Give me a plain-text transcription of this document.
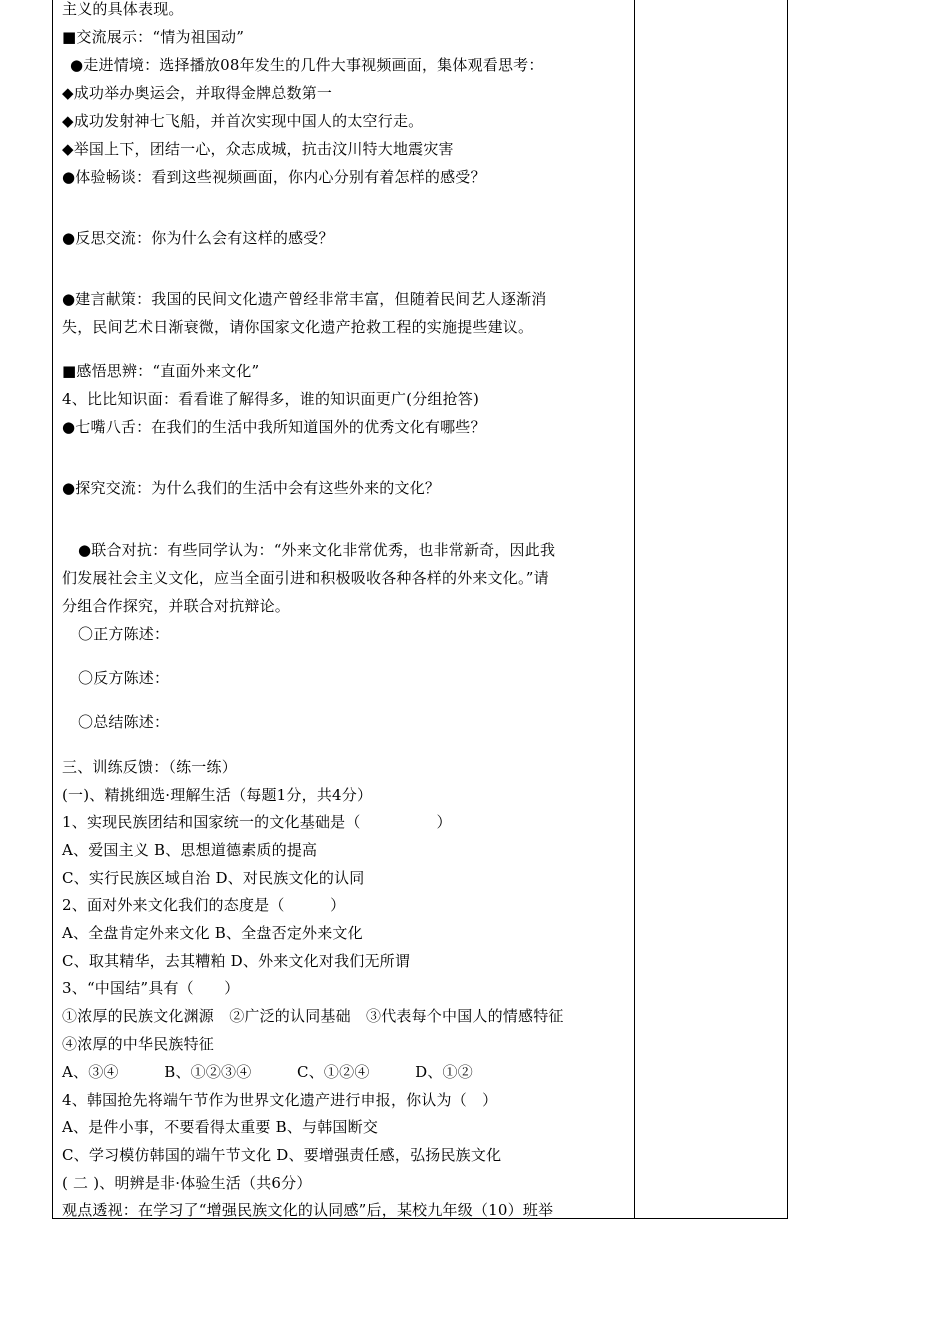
主义的具体表现。
■交流展示：“情为祖国动”
●走进情境：选择播放08年发生的几件大事视频画面，集体观看思考：
◆成功举办奥运会，并取得金牌总数第一
◆成功发射神七飞船，并首次实现中国人的太空行走。
◆举国上下，团结一心，众志成城，抗击汶川特大地震灾害
●体验畅谈：看到这些视频画面，你内心分别有着怎样的感受？
●反思交流：你为什么会有这样的感受？
●建言献策：我国的民间文化遗产曾经非常丰富，但随着民间艺人逐渐消
失，民间艺术日渐衰微，请你国家文化遗产抢救工程的实施提些建议。
■感悟思辨：“直面外来文化”
4、比比知识面：看看谁了解得多，谁的知识面更广(分组抢答)
●七嘴八舌：在我们的生活中我所知道国外的优秀文化有哪些？
●探究交流：为什么我们的生活中会有这些外来的文化？
●联合对抗：有些同学认为：“外来文化非常优秀，也非常新奇，因此我
们发展社会主义文化，应当全面引进和积极吸收各种各样的外来文化。”请
分组合作探究，并联合对抗辩论。
〇正方陈述：
〇反方陈述：
〇总结陈述：
三、训练反馈：（练一练）
(一)、精挑细选·理解生活（每题1分，共4分）
1、实现民族团结和国家统一的文化基础是（　　　　　）
A、爱国主义 B、思想道德素质的提高
C、实行民族区域自治 D、对民族文化的认同
2、面对外来文化我们的态度是（　　　）
A、全盘肯定外来文化 B、全盘否定外来文化
C、取其精华，去其糟粕 D、外来文化对我们无所谓
3、“中国结”具有（　　）
①浓厚的民族文化渊源　②广泛的认同基础　③代表每个中国人的情感特征
④浓厚的中华民族特征
A、③④　　　B、①②③④　　　C、①②④　　　D、①②
4、韩国抢先将端午节作为世界文化遗产进行申报，你认为（　）
A、是件小事，不要看得太重要 B、与韩国断交
C、学习模仿韩国的端午节文化 D、要增强责任感，弘扬民族文化
( 二 )、明辨是非·体验生活（共6分）
观点透视：在学习了“增强民族文化的认同感”后，某校九年级（10）班举
